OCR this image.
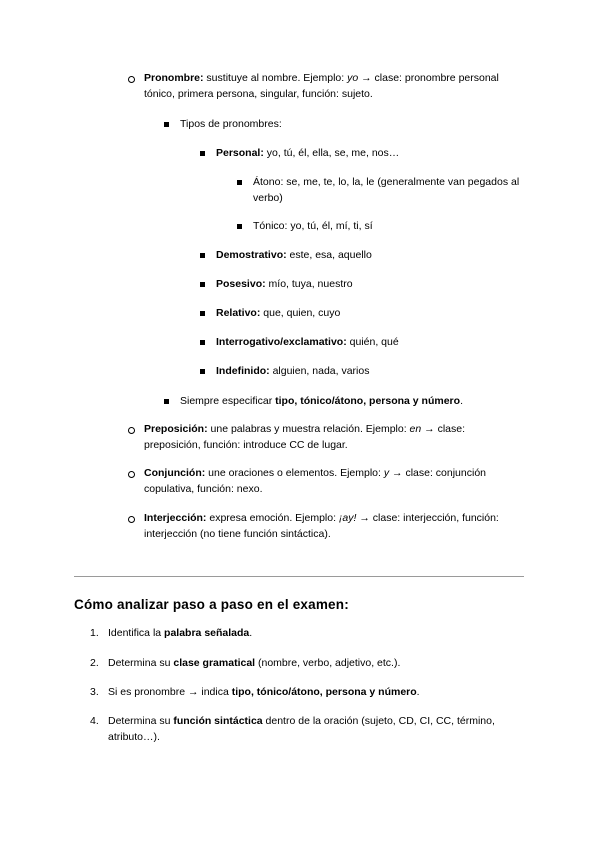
Pronombre: sustituye al nombre. Ejemplo: yo → clase: pronombre personal tónico, primera persona, singular, función: sujeto.
Tipos de pronombres:
Personal: yo, tú, él, ella, se, me, nos…
Átono: se, me, te, lo, la, le (generalmente van pegados al verbo)
Tónico: yo, tú, él, mí, ti, sí
Demostrativo: este, esa, aquello
Posesivo: mío, tuya, nuestro
Relativo: que, quien, cuyo
Interrogativo/exclamativo: quién, qué
Indefinido: alguien, nada, varios
Siempre especificar tipo, tónico/átono, persona y número.
Preposición: une palabras y muestra relación. Ejemplo: en → clase: preposición, función: introduce CC de lugar.
Conjunción: une oraciones o elementos. Ejemplo: y → clase: conjunción copulativa, función: nexo.
Interjección: expresa emoción. Ejemplo: ¡ay! → clase: interjección, función: interjección (no tiene función sintáctica).
Cómo analizar paso a paso en el examen:
1. Identifica la palabra señalada.
2. Determina su clase gramatical (nombre, verbo, adjetivo, etc.).
3. Si es pronombre → indica tipo, tónico/átono, persona y número.
4. Determina su función sintáctica dentro de la oración (sujeto, CD, CI, CC, término, atributo…).
